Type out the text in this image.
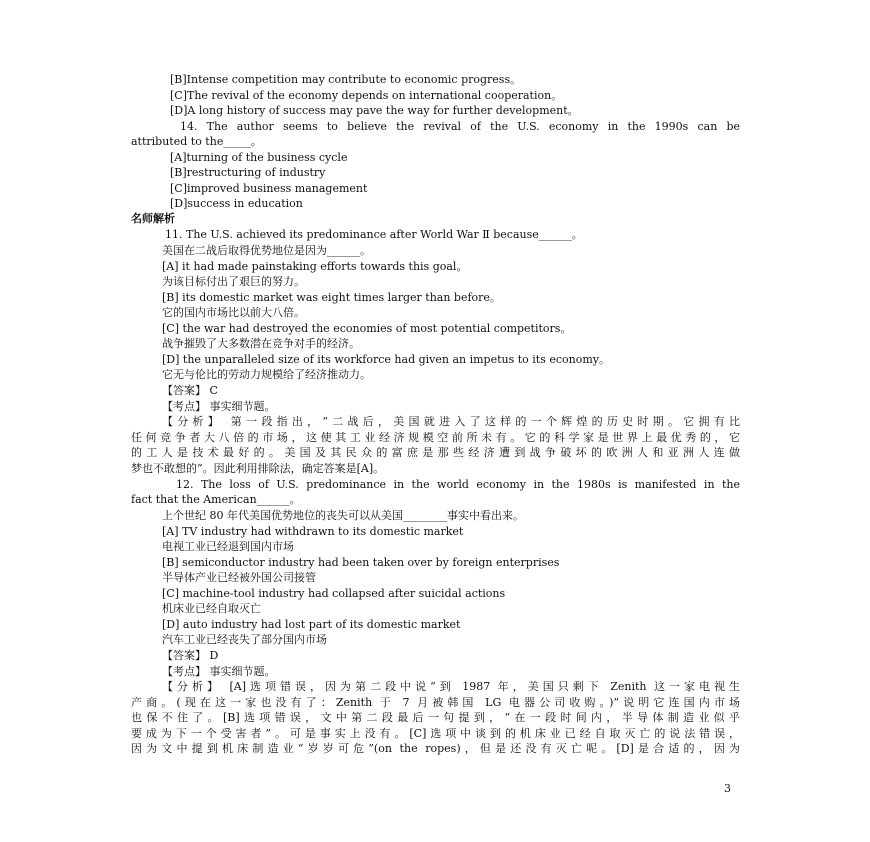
[B]Intense competition may contribute to economic progress。
[C]The revival of the economy depends on international cooperation。
[D]A long history of success may pave the way for further development。
14. The author seems to believe the revival of the U.S. economy in the 1990s can be
attributed to the_____。
[A]turning of the business cycle
[B]restructuring of industry
[C]improved business management
[D]success in education
名师解析
11. The U.S. achieved its predominance after World War Ⅱ because______。
美国在二战后取得优势地位是因为______。
[A] it had made painstaking efforts towards this goal。
为该目标付出了艰巨的努力。
[B] its domestic market was eight times larger than before。
它的国内市场比以前大八倍。
[C] the war had destroyed the economies of most potential competitors。
战争摧毁了大多数潜在竞争对手的经济。
[D] the unparalleled size of its workforce had given an impetus to its economy。
它无与伦比的劳动力规模给了经济推动力。
【答案】 C
【考点】 事实细节题。
【分析】 第一段指出，“二战后，美国就进入了这样的一个辉煌的历史时期。它拥有比
任何竞争者大八倍的市场，这使其工业经济规模空前所未有。它的科学家是世界上最优秀的，它
的工人是技术最好的。美国及其民众的富庶是那些经济遭到战争破坏的欧洲人和亚洲人连做
梦也不敢想的”。因此利用排除法，确定答案是[A]。
12. The loss of U.S. predominance in the world economy in the 1980s is manifested in the
fact that the American______。
上个世纪 80 年代美国优势地位的丧失可以从美国________事实中看出来。
[A] TV industry had withdrawn to its domestic market
电视工业已经退到国内市场
[B] semiconductor industry had been taken over by foreign enterprises
半导体产业已经被外国公司接管
[C] machine-tool industry had collapsed after suicidal actions
机床业已经自取灭亡
[D] auto industry had lost part of its domestic market
汽车工业已经丧失了部分国内市场
【答案】 D
【考点】 事实细节题。
【分析】 [A]选项错误，因为第二段中说“到 1987 年，美国只剩下 Zenith 这一家电视生
产商。(现在这一家也没有了：Zenith 于 7 月被韩国 LG 电器公司收购。)”说明它连国内市场
也保不住了。[B]选项错误，文中第二段最后一句提到，“在一段时间内，半导体制造业似乎
要成为下一个受害者”。可是事实上没有。[C]选项中谈到的机床业已经自取灭亡的说法错误，
因为文中提到机床制造业“岁岁可危”(on the ropes)，但是还没有灭亡呢。[D]是合适的，因为
3
